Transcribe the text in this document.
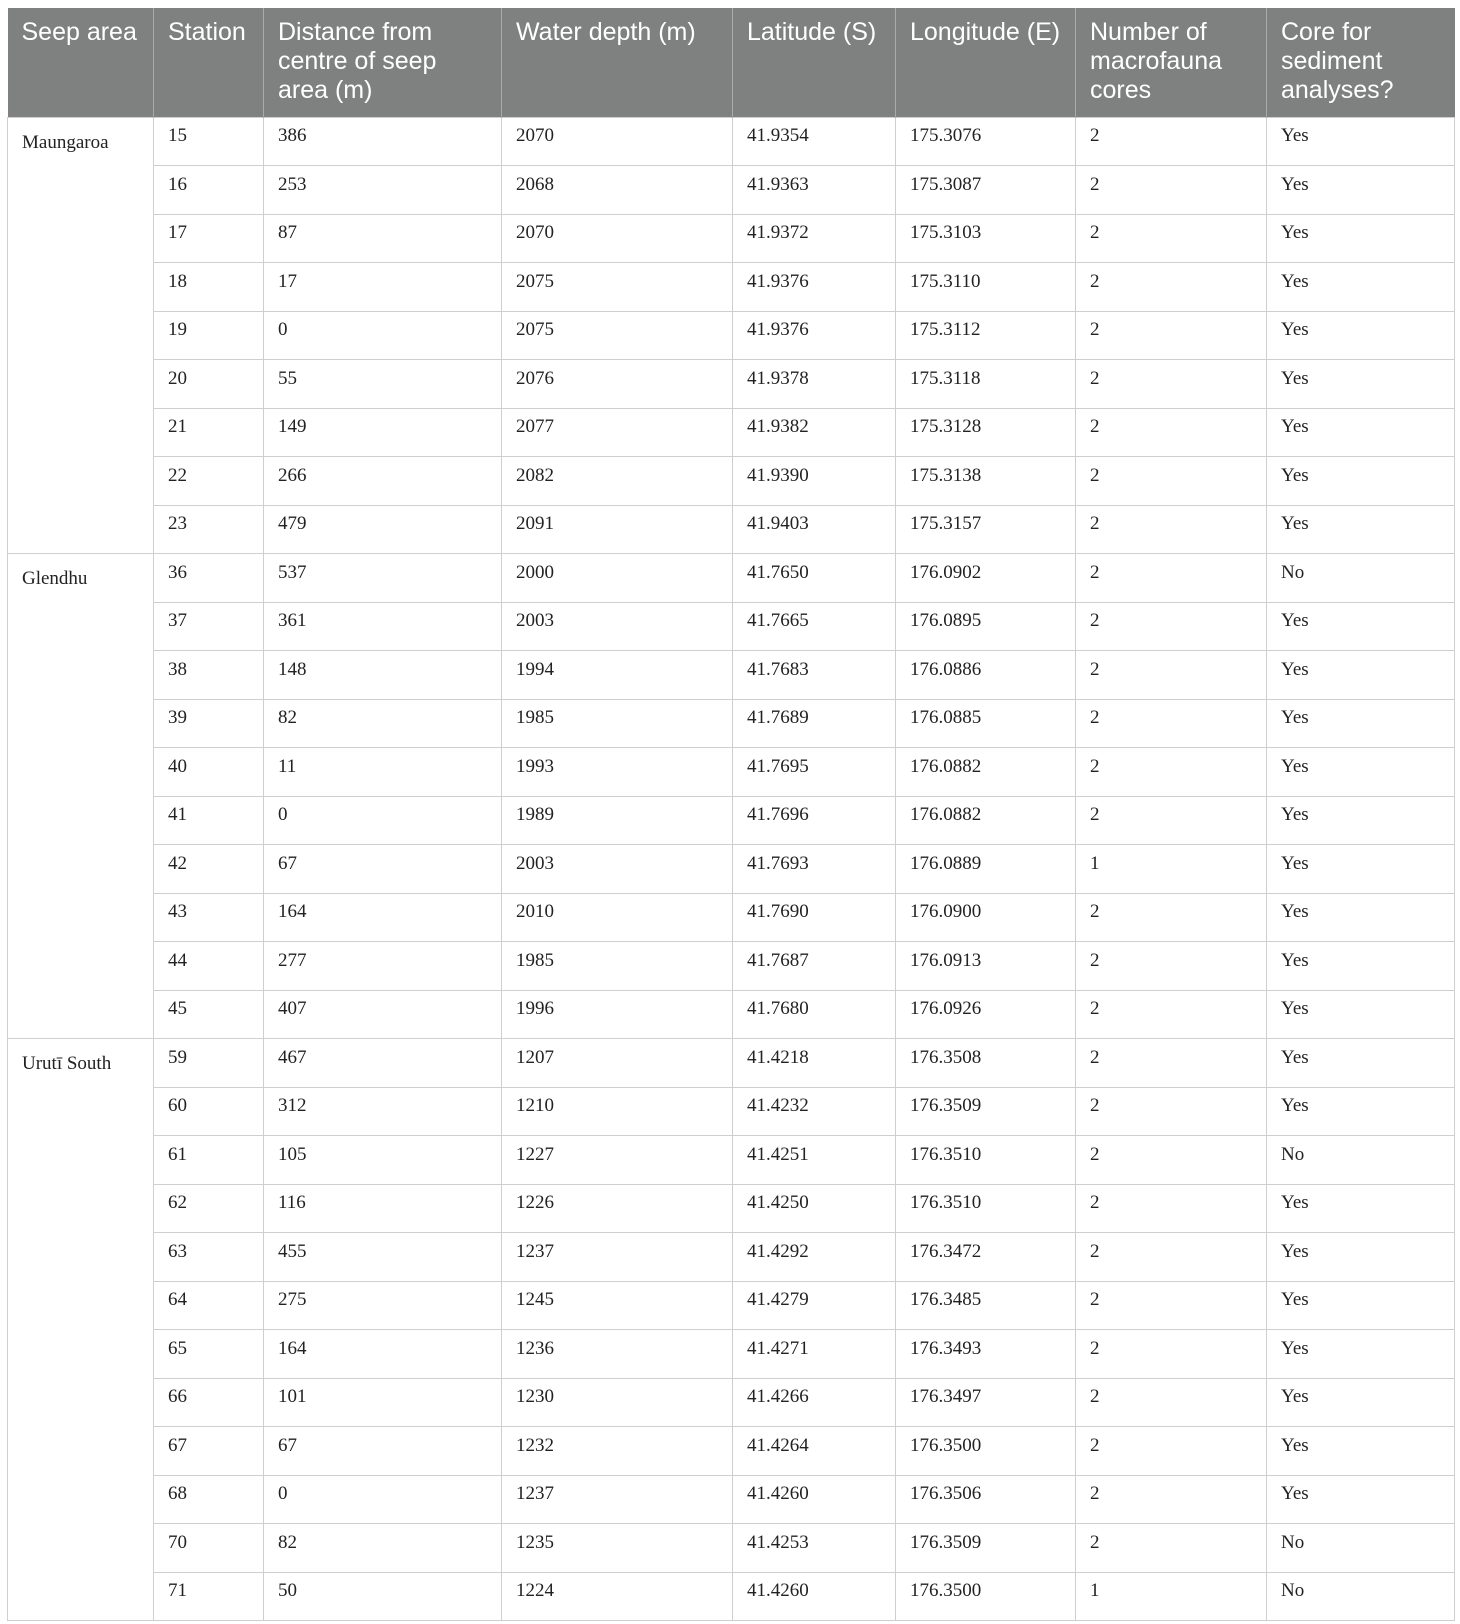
Seep area	Station	Distance from centre of seep area (m)	Water depth (m)	Latitude (S)	Longitude (E)	Number of macrofauna cores	Core for sediment analyses?
Maungaroa	15	386	2070	41.9354	175.3076	2	Yes
	16	253	2068	41.9363	175.3087	2	Yes
	17	87	2070	41.9372	175.3103	2	Yes
	18	17	2075	41.9376	175.3110	2	Yes
	19	0	2075	41.9376	175.3112	2	Yes
	20	55	2076	41.9378	175.3118	2	Yes
	21	149	2077	41.9382	175.3128	2	Yes
	22	266	2082	41.9390	175.3138	2	Yes
	23	479	2091	41.9403	175.3157	2	Yes
Glendhu	36	537	2000	41.7650	176.0902	2	No
	37	361	2003	41.7665	176.0895	2	Yes
	38	148	1994	41.7683	176.0886	2	Yes
	39	82	1985	41.7689	176.0885	2	Yes
	40	11	1993	41.7695	176.0882	2	Yes
	41	0	1989	41.7696	176.0882	2	Yes
	42	67	2003	41.7693	176.0889	1	Yes
	43	164	2010	41.7690	176.0900	2	Yes
	44	277	1985	41.7687	176.0913	2	Yes
	45	407	1996	41.7680	176.0926	2	Yes
Urutī South	59	467	1207	41.4218	176.3508	2	Yes
	60	312	1210	41.4232	176.3509	2	Yes
	61	105	1227	41.4251	176.3510	2	No
	62	116	1226	41.4250	176.3510	2	Yes
	63	455	1237	41.4292	176.3472	2	Yes
	64	275	1245	41.4279	176.3485	2	Yes
	65	164	1236	41.4271	176.3493	2	Yes
	66	101	1230	41.4266	176.3497	2	Yes
	67	67	1232	41.4264	176.3500	2	Yes
	68	0	1237	41.4260	176.3506	2	Yes
	70	82	1235	41.4253	176.3509	2	No
	71	50	1224	41.4260	176.3500	1	No
